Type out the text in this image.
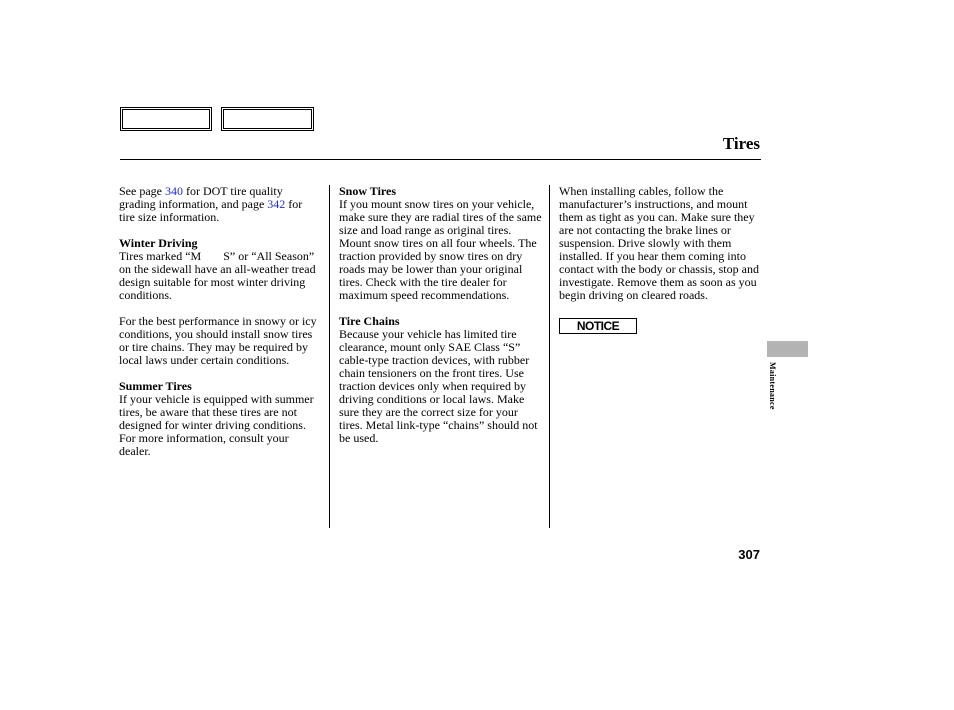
Tires

See page 340 for DOT tire quality grading information, and page 342 for tire size information.

Winter Driving

Tires marked “M S” or “All Season” on the sidewall have an all-weather tread design suitable for most winter driving conditions.

For the best performance in snowy or icy conditions, you should install snow tires or tire chains. They may be required by local laws under certain conditions.

Summer Tires

If your vehicle is equipped with summer tires, be aware that these tires are not designed for winter driving conditions. For more information, consult your dealer.

Snow Tires

If you mount snow tires on your vehicle, make sure they are radial tires of the same size and load range as original tires. Mount snow tires on all four wheels. The traction provided by snow tires on dry roads may be lower than your original tires. Check with the tire dealer for maximum speed recommendations.

Tire Chains

Because your vehicle has limited tire clearance, mount only SAE Class “S” cable-type traction devices, with rubber chain tensioners on the front tires. Use traction devices only when required by driving conditions or local laws. Make sure they are the correct size for your tires. Metal link-type “chains” should not be used.

When installing cables, follow the manufacturer’s instructions, and mount them as tight as you can. Make sure they are not contacting the brake lines or suspension. Drive slowly with them installed. If you hear them coming into contact with the body or chassis, stop and investigate. Remove them as soon as you begin driving on cleared roads.

NOTICE
Maintenance
307
